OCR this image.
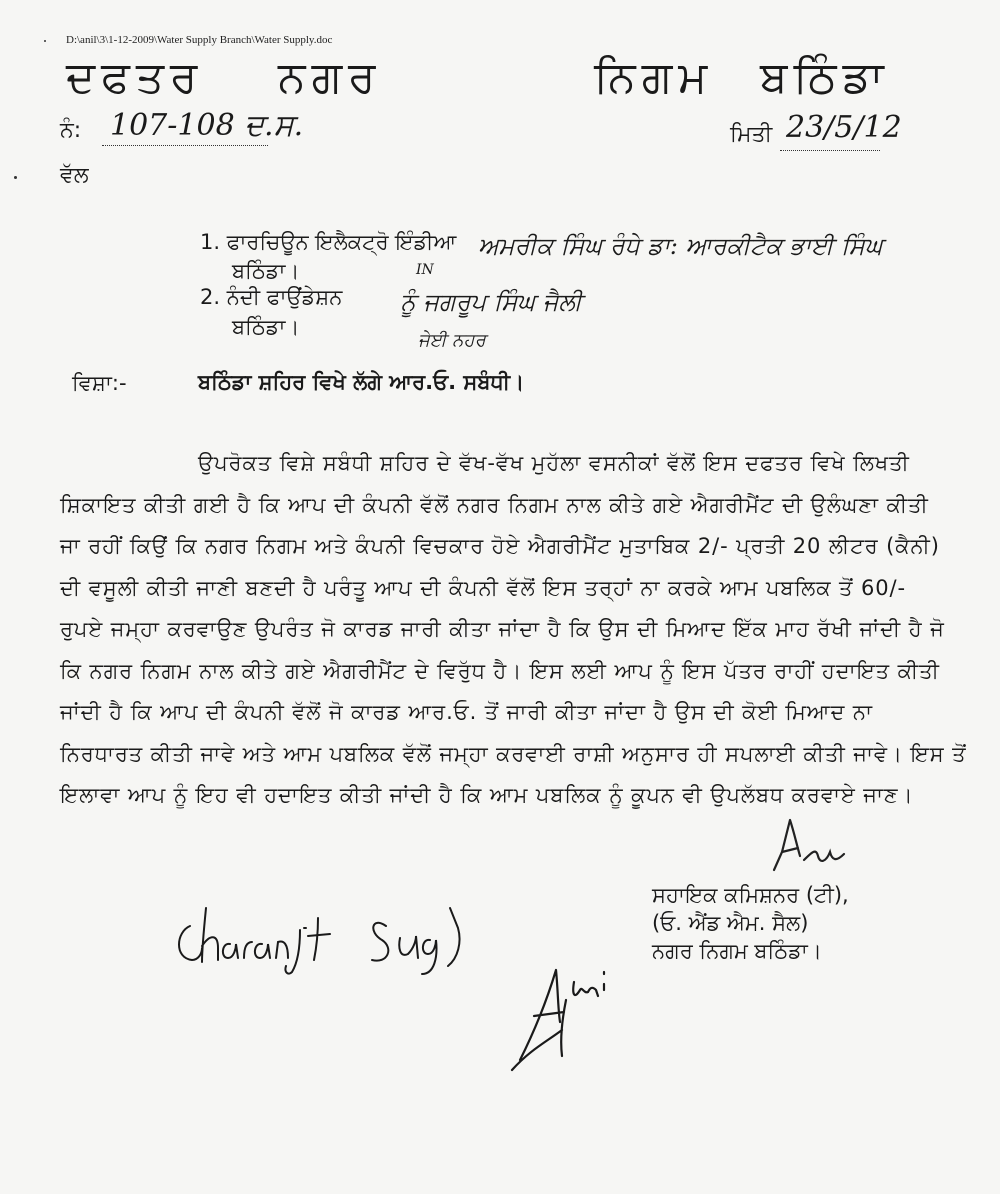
D:\anil\3\1-12-2009\Water Supply Branch\Water Supply.doc
ਦਫਤਰ ਨਗਰ	ਨਿਗਮ ਬਠਿੰਡਾ
ਨੰ: 107-108 ਦ.ਸ.	ਮਿਤੀ 23/5/12
ਵੱਲ
1. ਫਾਰਚਿਊਨ ਇਲੈਕਟ੍ਰੋ ਇੰਡੀਆ
ਬਠਿੰਡਾ।
2. ਨੰਦੀ ਫਾਉਂਡੇਸ਼ਨ
ਬਠਿੰਡਾ।
ਅਮਰੀਕ ਸਿੰਘ ਰੰਧੇ ਡਾ: ਆਰਕੀਟੈਕ ਭਾਈ ਸਿੰਘ
IN
ਨੂੰ ਜਗਰੂਪ ਸਿੰਘ ਜੈਲੀ
ਜੇਈ ਨਹਰ
ਵਿਸ਼ਾ:-	ਬਠਿੰਡਾ ਸ਼ਹਿਰ ਵਿਖੇ ਲੱਗੇ ਆਰ.ਓ. ਸਬੰਧੀ।
ਉਪਰੋਕਤ ਵਿਸ਼ੇ ਸਬੰਧੀ ਸ਼ਹਿਰ ਦੇ ਵੱਖ-ਵੱਖ ਮੁਹੱਲਾ ਵਸਨੀਕਾਂ ਵੱਲੋਂ ਇਸ ਦਫਤਰ ਵਿਖੇ ਲਿਖਤੀ
ਸ਼ਿਕਾਇਤ ਕੀਤੀ ਗਈ ਹੈ ਕਿ ਆਪ ਦੀ ਕੰਪਨੀ ਵੱਲੋਂ ਨਗਰ ਨਿਗਮ ਨਾਲ ਕੀਤੇ ਗਏ ਐਗਰੀਮੈਂਟ ਦੀ ਉਲੰਘਣਾ ਕੀਤੀ
ਜਾ ਰਹੀਂ ਕਿਉਂ ਕਿ ਨਗਰ ਨਿਗਮ ਅਤੇ ਕੰਪਨੀ ਵਿਚਕਾਰ ਹੋਏ ਐਗਰੀਮੈਂਟ ਮੁਤਾਬਿਕ 2/- ਪ੍ਰਤੀ 20 ਲੀਟਰ (ਕੈਨੀ)
ਦੀ ਵਸੂਲੀ ਕੀਤੀ ਜਾਣੀ ਬਣਦੀ ਹੈ ਪਰੰਤੂ ਆਪ ਦੀ ਕੰਪਨੀ ਵੱਲੋਂ ਇਸ ਤਰ੍ਹਾਂ ਨਾ ਕਰਕੇ ਆਮ ਪਬਲਿਕ ਤੋਂ 60/-
ਰੁਪਏ ਜਮ੍ਹਾ ਕਰਵਾਉਣ ਉਪਰੰਤ ਜੋ ਕਾਰਡ ਜਾਰੀ ਕੀਤਾ ਜਾਂਦਾ ਹੈ ਕਿ ਉਸ ਦੀ ਮਿਆਦ ਇੱਕ ਮਾਹ ਰੱਖੀ ਜਾਂਦੀ ਹੈ ਜੋ
ਕਿ ਨਗਰ ਨਿਗਮ ਨਾਲ ਕੀਤੇ ਗਏ ਐਗਰੀਮੈਂਟ ਦੇ ਵਿਰੁੱਧ ਹੈ। ਇਸ ਲਈ ਆਪ ਨੂੰ ਇਸ ਪੱਤਰ ਰਾਹੀਂ ਹਦਾਇਤ ਕੀਤੀ
ਜਾਂਦੀ ਹੈ ਕਿ ਆਪ ਦੀ ਕੰਪਨੀ ਵੱਲੋਂ ਜੋ ਕਾਰਡ ਆਰ.ਓ. ਤੋਂ ਜਾਰੀ ਕੀਤਾ ਜਾਂਦਾ ਹੈ ਉਸ ਦੀ ਕੋਈ ਮਿਆਦ ਨਾ
ਨਿਰਧਾਰਤ ਕੀਤੀ ਜਾਵੇ ਅਤੇ ਆਮ ਪਬਲਿਕ ਵੱਲੋਂ ਜਮ੍ਹਾ ਕਰਵਾਈ ਰਾਸ਼ੀ ਅਨੁਸਾਰ ਹੀ ਸਪਲਾਈ ਕੀਤੀ ਜਾਵੇ। ਇਸ ਤੋਂ
ਇਲਾਵਾ ਆਪ ਨੂੰ ਇਹ ਵੀ ਹਦਾਇਤ ਕੀਤੀ ਜਾਂਦੀ ਹੈ ਕਿ ਆਮ ਪਬਲਿਕ ਨੂੰ ਕੂਪਨ ਵੀ ਉਪਲੱਬਧ ਕਰਵਾਏ ਜਾਣ।
ਸਹਾਇਕ ਕਮਿਸ਼ਨਰ (ਟੀ),
(ਓ. ਐਂਡ ਐਮ. ਸੈਲ)
ਨਗਰ ਨਿਗਮ ਬਠਿੰਡਾ।
